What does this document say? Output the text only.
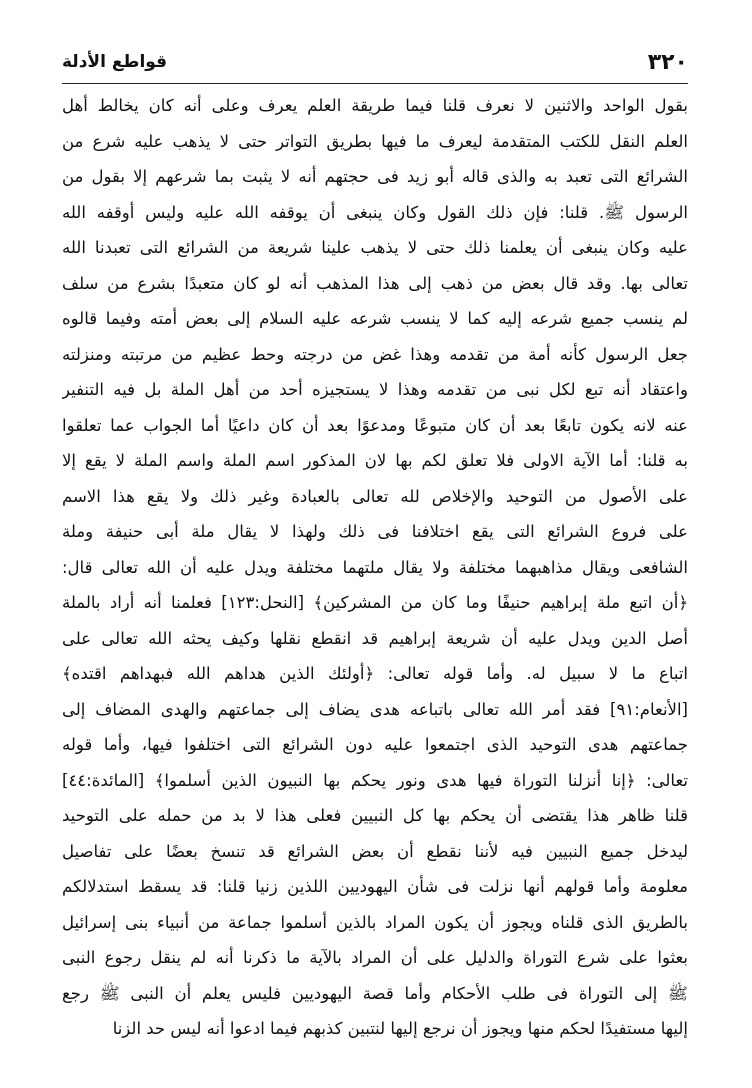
٣٢٠
قواطع الأدلة
بقول الواحد والاثنين لا نعرف قلنا فيما طريقة العلم يعرف وعلى أنه كان يخالط أهل
العلم النقل للكتب المتقدمة ليعرف ما فيها بطريق التواتر حتى لا يذهب عليه شرع من
الشرائع التى تعبد به والذى قاله أبو زيد فى حجتهم أنه لا يثبت بما شرعهم إلا بقول من
الرسول ﷺ. قلنا: فإن ذلك القول وكان ينبغى أن يوقفه الله عليه وليس أوقفه الله
عليه وكان ينبغى أن يعلمنا ذلك حتى لا يذهب علينا شريعة من الشرائع التى تعبدنا الله
تعالى بها. وقد قال بعض من ذهب إلى هذا المذهب أنه لو كان متعبدًا بشرع من سلف
لم ينسب جميع شرعه إليه كما لا ينسب شرعه عليه السلام إلى بعض أمته وفيما قالوه
جعل الرسول كأنه أمة من تقدمه وهذا غض من درجته وحط عظيم من مرتبته ومنزلته
واعتقاد أنه تبع لكل نبى من تقدمه وهذا لا يستجيزه أحد من أهل الملة بل فيه التنفير
عنه لانه يكون تابعًا بعد أن كان متبوعًا ومدعوًا بعد أن كان داعيًا أما الجواب عما تعلقوا
به قلنا: أما الآية الاولى فلا تعلق لكم بها لان المذكور اسم الملة واسم الملة لا يقع إلا
على الأصول من التوحيد والإخلاص لله تعالى بالعبادة وغير ذلك ولا يقع هذا الاسم
على فروع الشرائع التى يقع اختلافنا فى ذلك ولهذا لا يقال ملة أبى حنيفة وملة
الشافعى ويقال مذاهبهما مختلفة ولا يقال ملتهما مختلفة ويدل عليه أن الله تعالى قال:
﴿أن اتبع ملة إبراهيم حنيفًا وما كان من المشركين﴾ [النحل:١٢٣] فعلمنا أنه أراد بالملة
أصل الدين ويدل عليه أن شريعة إبراهيم قد انقطع نقلها وكيف يحثه الله تعالى على
اتباع ما لا سبيل له. وأما قوله تعالى: ﴿أولئك الذين هداهم الله فبهداهم اقتده﴾
[الأنعام:٩١] فقد أمر الله تعالى باتباعه هدى يضاف إلى جماعتهم والهدى المضاف إلى
جماعتهم هدى التوحيد الذى اجتمعوا عليه دون الشرائع التى اختلفوا فيها، وأما قوله
تعالى: ﴿إنا أنزلنا التوراة فيها هدى ونور يحكم بها النبيون الذين أسلموا﴾ [المائدة:٤٤]
قلنا ظاهر هذا يقتضى أن يحكم بها كل النبيين فعلى هذا لا بد من حمله على التوحيد
ليدخل جميع النبيين فيه لأننا نقطع أن بعض الشرائع قد تنسخ بعضًا على تفاصيل
معلومة وأما قولهم أنها نزلت فى شأن اليهوديين اللذين زنيا قلنا: قد يسقط استدلالكم
بالطريق الذى قلناه ويجوز أن يكون المراد بالذين أسلموا جماعة من أنبياء بنى إسرائيل
بعثوا على شرع التوراة والدليل على أن المراد بالآية ما ذكرنا أنه لم ينقل رجوع النبى
ﷺ إلى التوراة فى طلب الأحكام وأما قصة اليهوديين فليس يعلم أن النبى ﷺ رجع
إليها مستفيدًا لحكم منها ويجوز أن نرجع إليها لنتبين كذبهم فيما ادعوا أنه ليس حد الزنا
